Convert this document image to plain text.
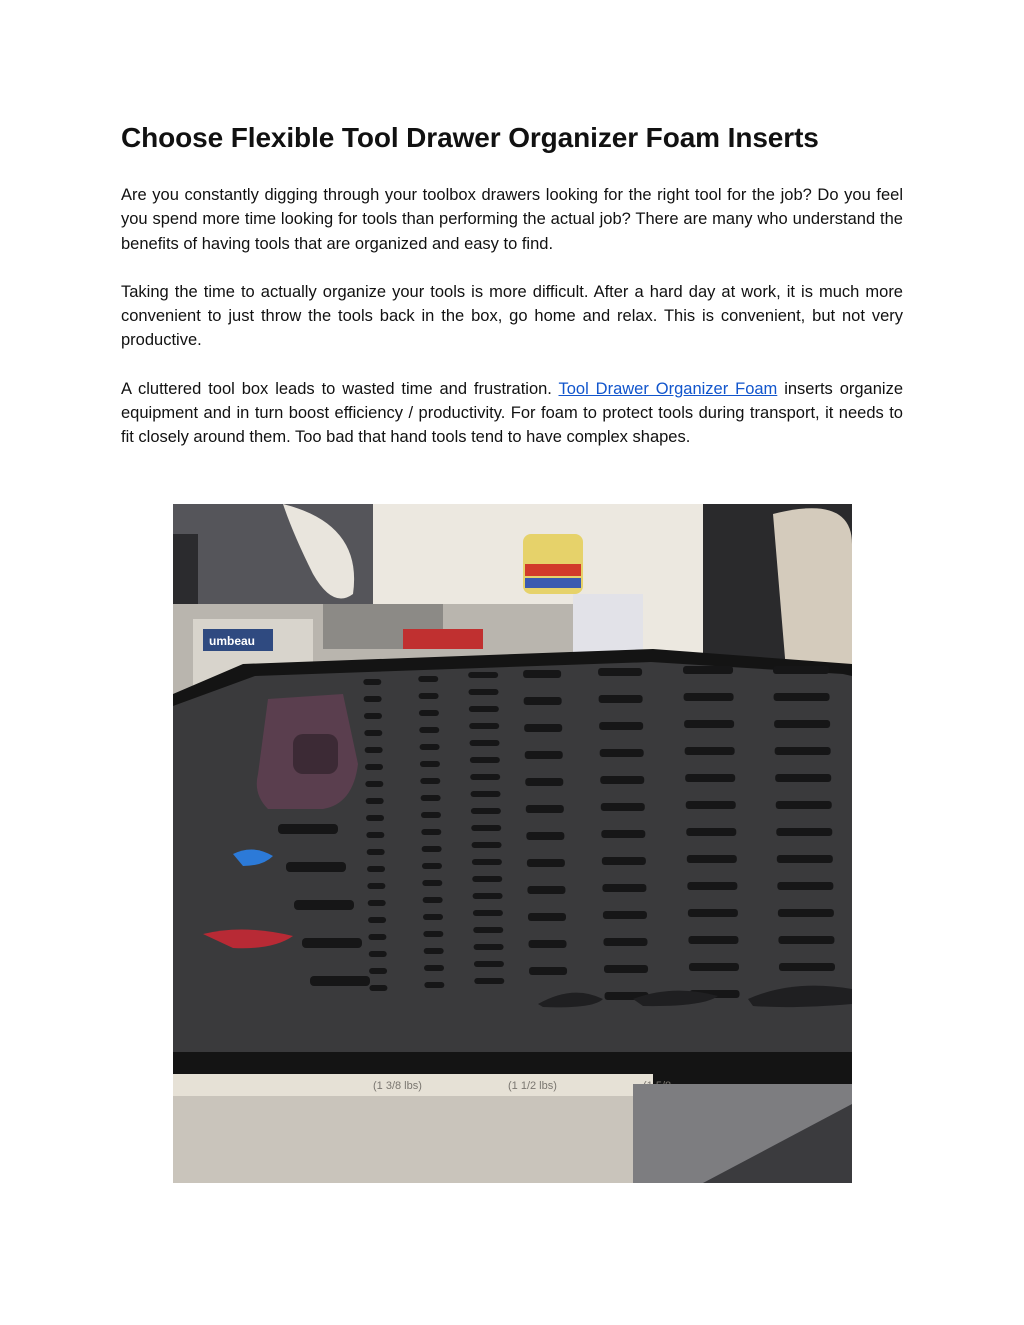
Choose Flexible Tool Drawer Organizer Foam Inserts

Are you constantly digging through your toolbox drawers looking for the right tool for the job? Do you feel you spend more time looking for tools than performing the actual job? There are many who understand the benefits of having tools that are organized and easy to find.

Taking the time to actually organize your tools is more difficult. After a hard day at work, it is much more convenient to just throw the tools back in the box, go home and relax. This is convenient, but not very productive.

A cluttered tool box leads to wasted time and frustration. Tool Drawer Organizer Foam inserts organize equipment and in turn boost efficiency / productivity. For foam to protect tools during transport, it needs to fit closely around them. Too bad that hand tools tend to have complex shapes.

umbeau
(1 3/8 lbs)	(1 1/2 lbs)
